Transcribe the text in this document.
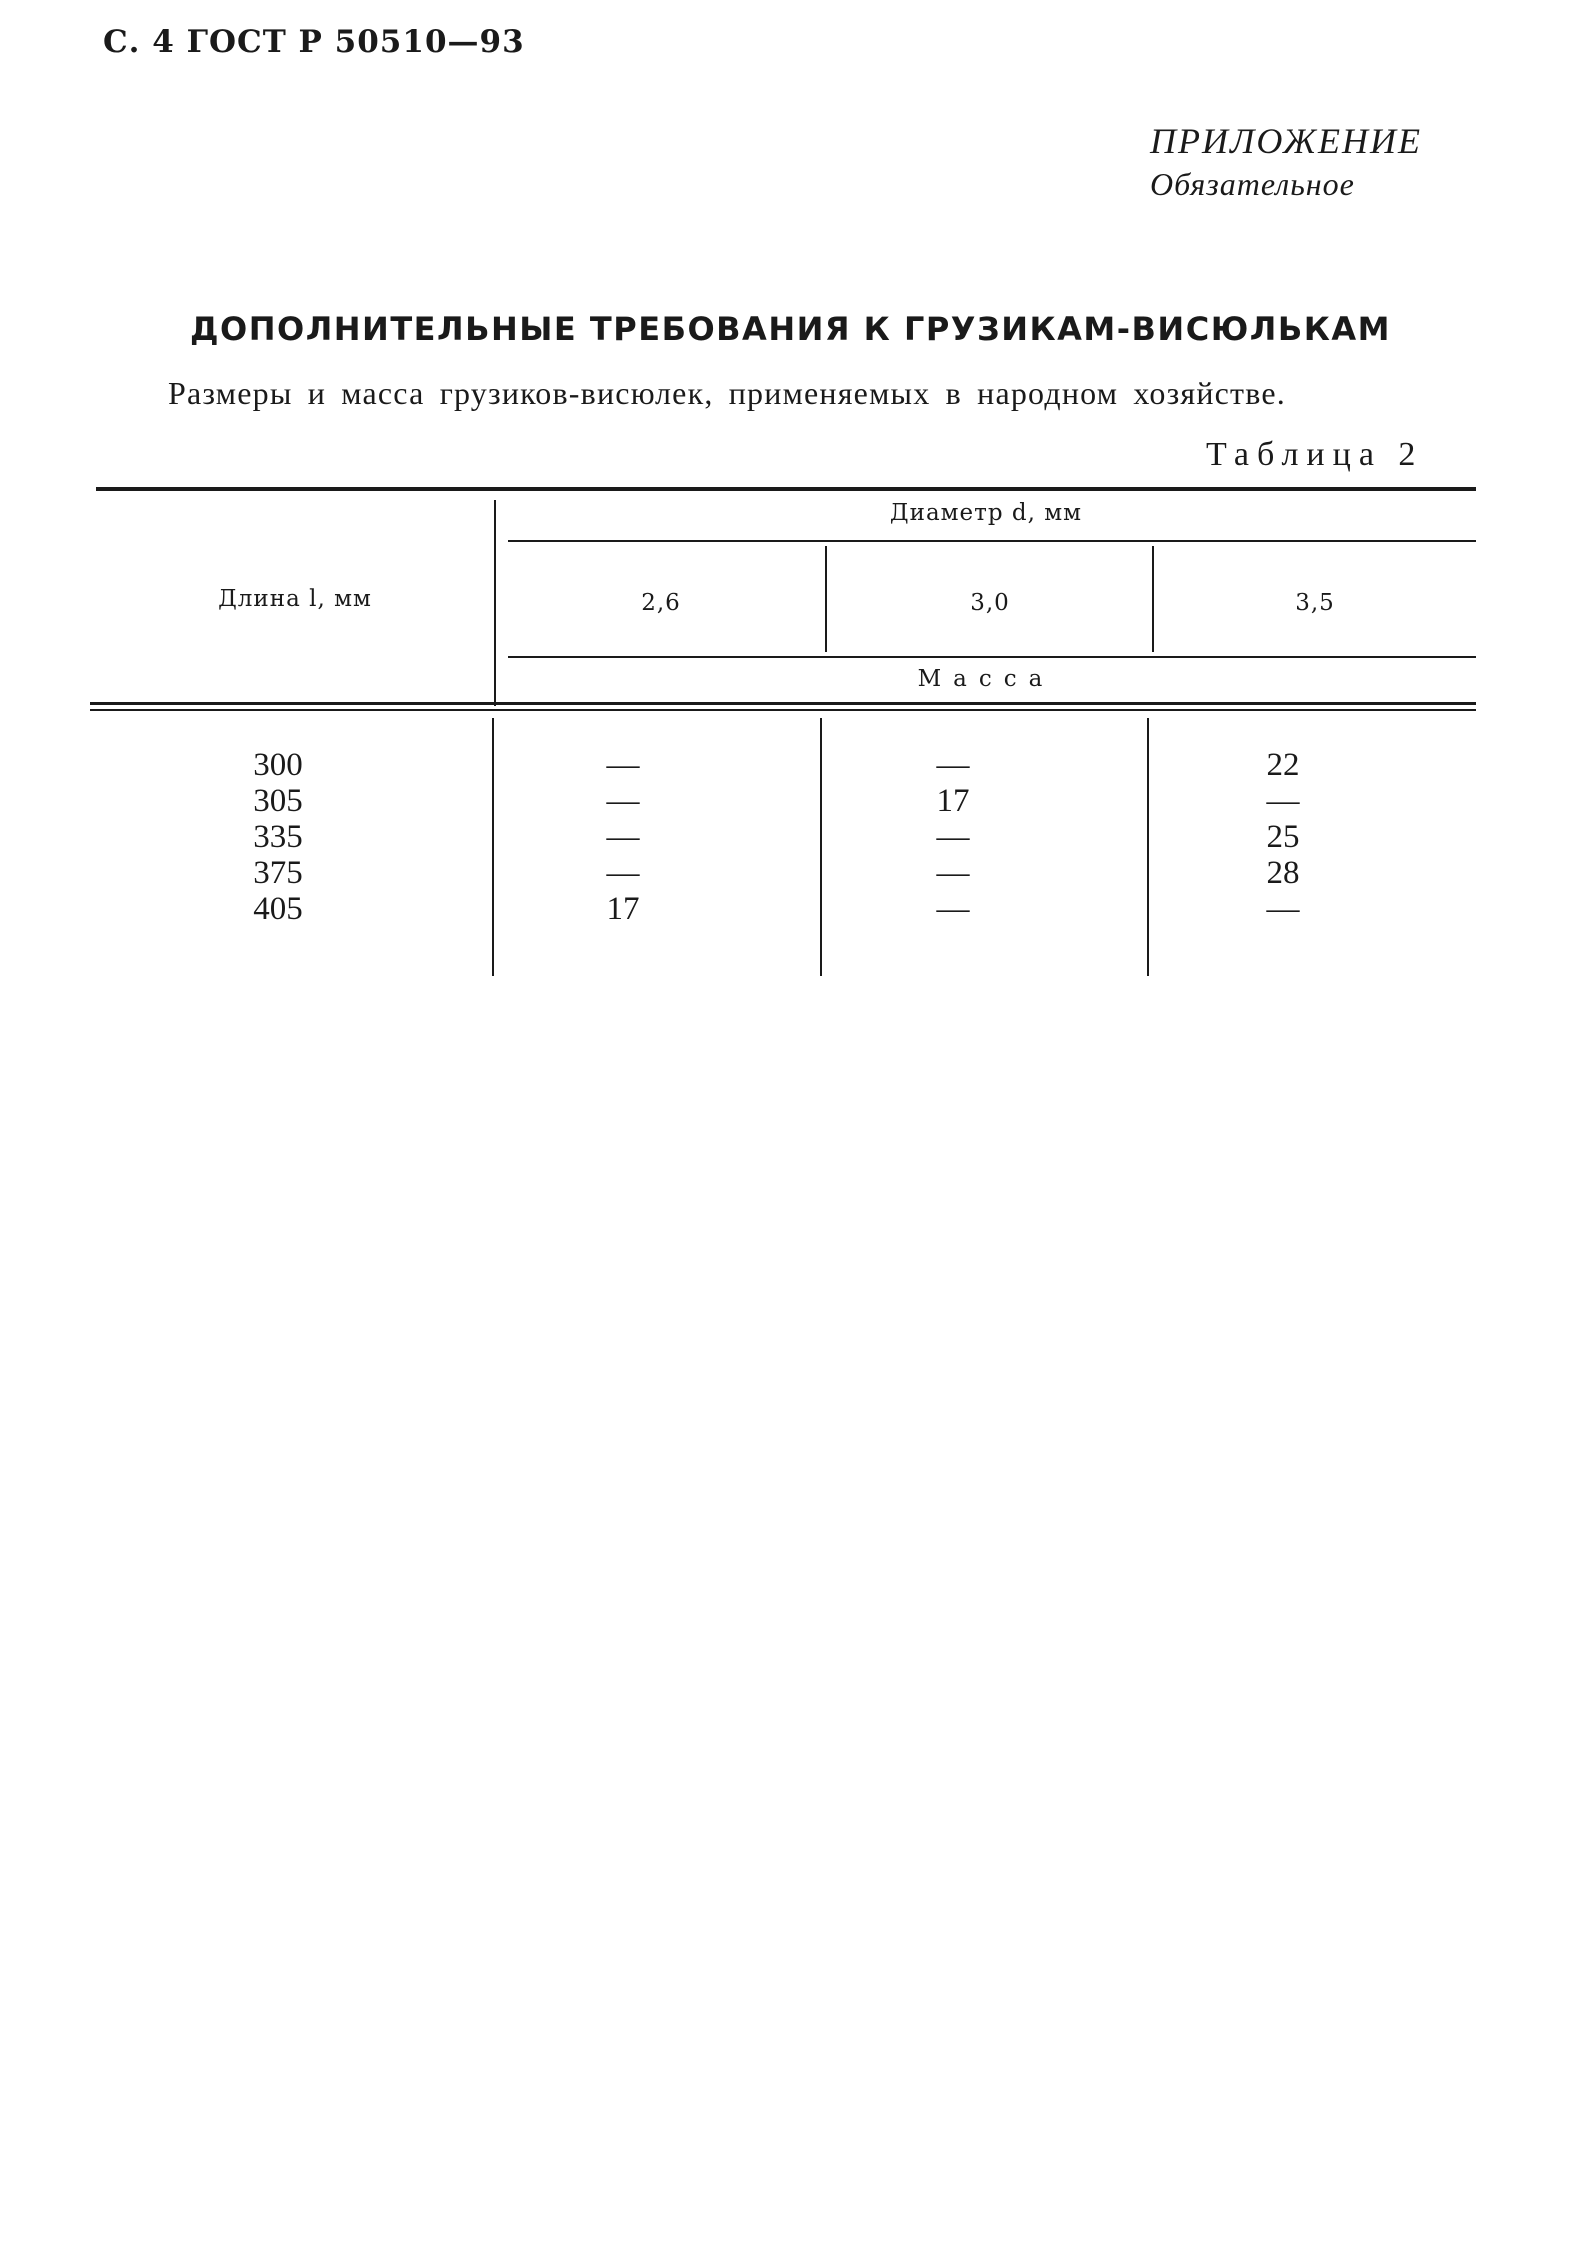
С. 4 ГОСТ Р 50510—93
ПРИЛОЖЕНИЕ
Обязательное
ДОПОЛНИТЕЛЬНЫЕ ТРЕБОВАНИЯ К ГРУЗИКАМ-ВИСЮЛЬКАМ
Размеры и масса грузиков-висюлек, применяемых в народном хозяйстве.
Таблица 2
Длина l, мм
Диаметр d, мм
2,6	3,0	3,5
Масса
300	—	—	22
305	—	17	—
335	—	—	25
375	—	—	28
405	17	—	—
